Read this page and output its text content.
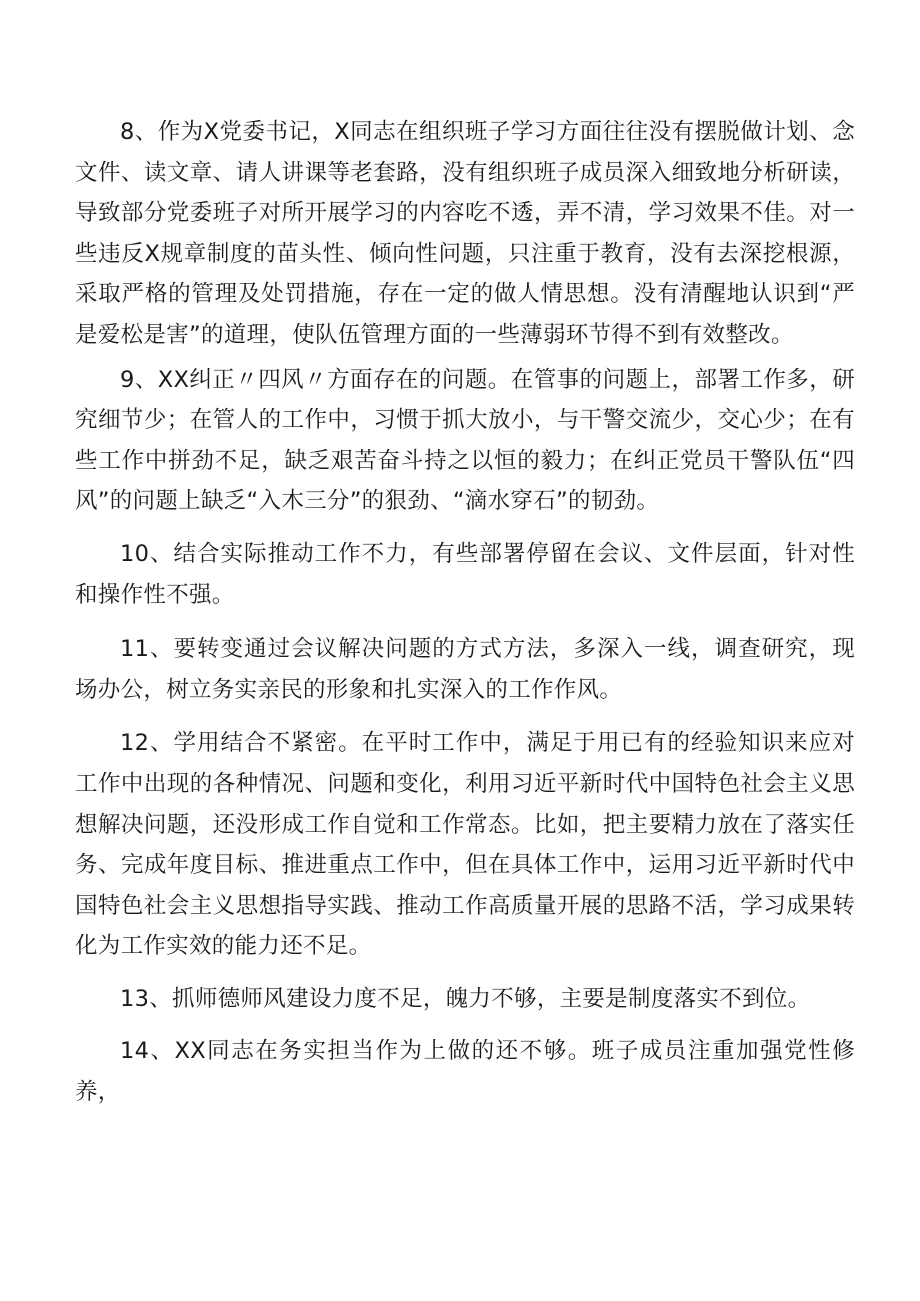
8、作为X党委书记，X同志在组织班子学习方面往往没有摆脱做计划、念文件、读文章、请人讲课等老套路，没有组织班子成员深入细致地分析研读，导致部分党委班子对所开展学习的内容吃不透，弄不清，学习效果不佳。对一些违反X规章制度的苗头性、倾向性问题，只注重于教育，没有去深挖根源，采取严格的管理及处罚措施，存在一定的做人情思想。没有清醒地认识到“严是爱松是害”的道理，使队伍管理方面的一些薄弱环节得不到有效整改。

9、XX纠正〃四风〃方面存在的问题。在管事的问题上，部署工作多，研究细节少；在管人的工作中，习惯于抓大放小，与干警交流少，交心少；在有些工作中拼劲不足，缺乏艰苦奋斗持之以恒的毅力；在纠正党员干警队伍“四风”的问题上缺乏“入木三分”的狠劲、“滴水穿石”的韧劲。

10、结合实际推动工作不力，有些部署停留在会议、文件层面，针对性和操作性不强。

11、要转变通过会议解决问题的方式方法，多深入一线，调查研究，现场办公，树立务实亲民的形象和扎实深入的工作作风。

12、学用结合不紧密。在平时工作中，满足于用已有的经验知识来应对工作中出现的各种情况、问题和变化，利用习近平新时代中国特色社会主义思想解决问题，还没形成工作自觉和工作常态。比如，把主要精力放在了落实任务、完成年度目标、推进重点工作中，但在具体工作中，运用习近平新时代中国特色社会主义思想指导实践、推动工作高质量开展的思路不活，学习成果转化为工作实效的能力还不足。

13、抓师德师风建设力度不足，魄力不够，主要是制度落实不到位。

14、XX同志在务实担当作为上做的还不够。班子成员注重加强党性修养，
